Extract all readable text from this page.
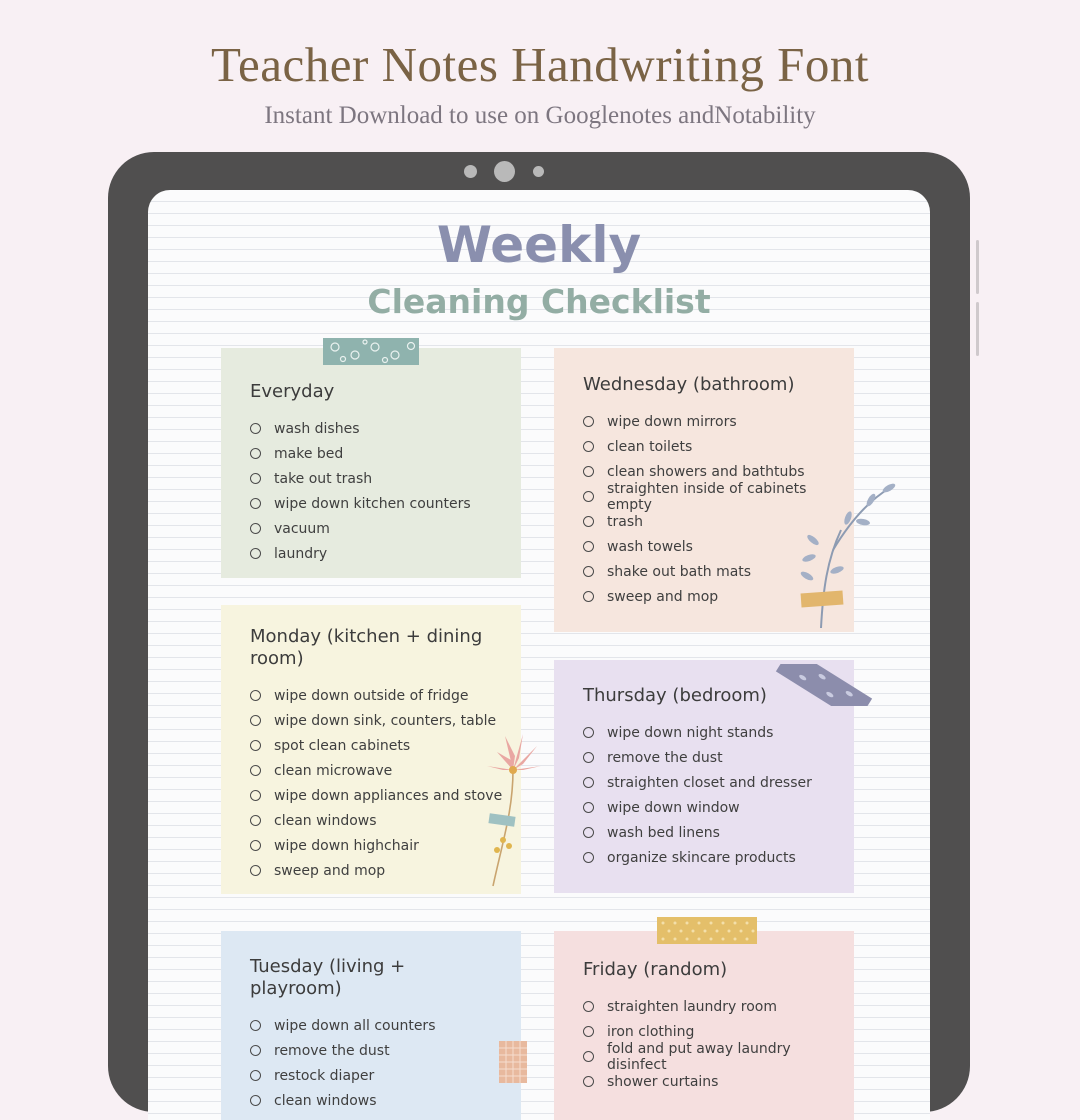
Teacher Notes Handwriting Font
Instant Download to use on Googlenotes andNotability
Weekly
Cleaning Checklist
Everyday
wash dishes
make bed
take out trash
wipe down kitchen counters
vacuum
laundry
Wednesday (bathroom)
wipe down mirrors
clean toilets
clean showers and bathtubs
straighten inside of cabinets empty
trash
wash towels
shake out bath mats
sweep and mop
Monday (kitchen + dining room)
wipe down outside of fridge
wipe down sink, counters, table
spot clean cabinets
clean microwave
wipe down appliances and stove
clean windows
wipe down highchair
sweep and mop
Thursday (bedroom)
wipe down night stands
remove the dust
straighten closet and dresser
wipe down window
wash bed linens
organize skincare products
Tuesday (living + playroom)
wipe down all counters
remove the dust
restock diaper
clean windows
Friday (random)
straighten laundry room
iron clothing
fold and put away laundry disinfect
shower curtains
